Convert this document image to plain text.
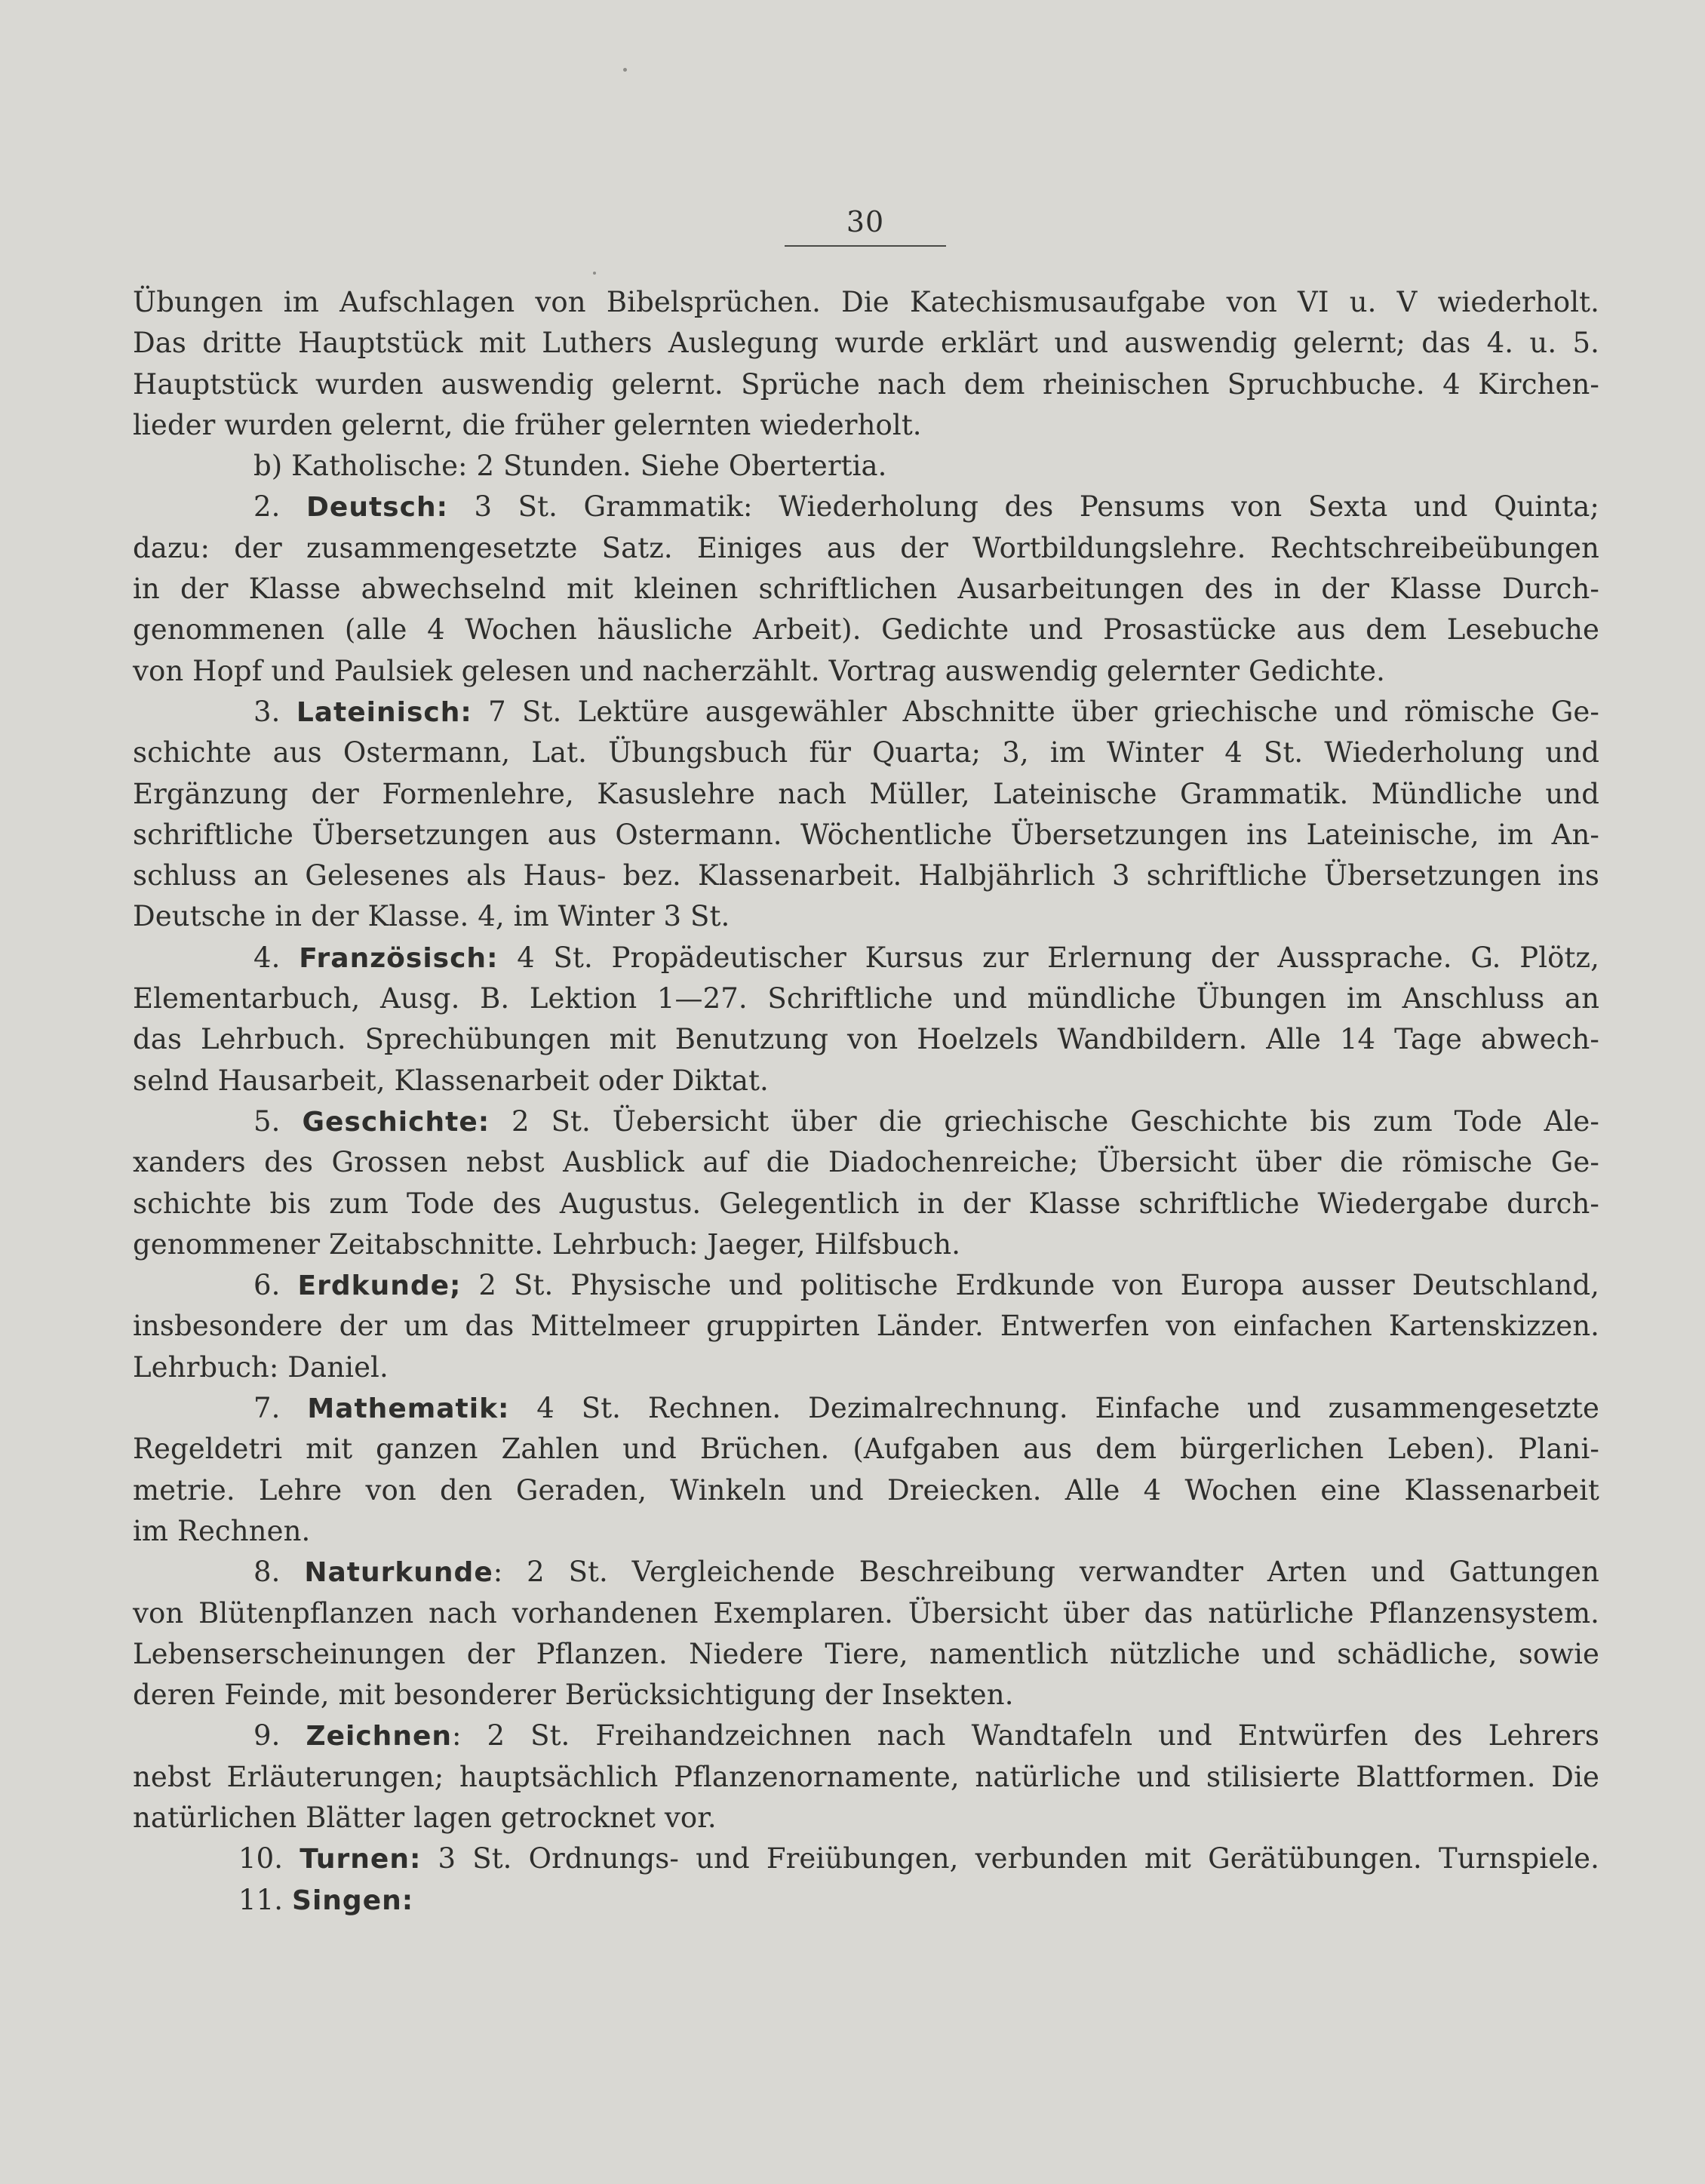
30
Übungen im Aufschlagen von Bibelsprüchen. Die Katechismusaufgabe von VI u. V wiederholt.
Das dritte Hauptstück mit Luthers Auslegung wurde erklärt und auswendig gelernt; das 4. u. 5.
Hauptstück wurden auswendig gelernt. Sprüche nach dem rheinischen Spruchbuche. 4 Kirchen-
lieder wurden gelernt, die früher gelernten wiederholt.
b) Katholische: 2 Stunden. Siehe Obertertia.
2. Deutsch: 3 St. Grammatik: Wiederholung des Pensums von Sexta und Quinta;
dazu: der zusammengesetzte Satz. Einiges aus der Wortbildungslehre. Rechtschreibeübungen
in der Klasse abwechselnd mit kleinen schriftlichen Ausarbeitungen des in der Klasse Durch-
genommenen (alle 4 Wochen häusliche Arbeit). Gedichte und Prosastücke aus dem Lesebuche
von Hopf und Paulsiek gelesen und nacherzählt. Vortrag auswendig gelernter Gedichte.
3. Lateinisch: 7 St. Lektüre ausgewähler Abschnitte über griechische und römische Ge-
schichte aus Ostermann, Lat. Übungsbuch für Quarta; 3, im Winter 4 St. Wiederholung und
Ergänzung der Formenlehre, Kasuslehre nach Müller, Lateinische Grammatik. Mündliche und
schriftliche Übersetzungen aus Ostermann. Wöchentliche Übersetzungen ins Lateinische, im An-
schluss an Gelesenes als Haus- bez. Klassenarbeit. Halbjährlich 3 schriftliche Übersetzungen ins
Deutsche in der Klasse. 4, im Winter 3 St.
4. Französisch: 4 St. Propädeutischer Kursus zur Erlernung der Aussprache. G. Plötz,
Elementarbuch, Ausg. B. Lektion 1—27. Schriftliche und mündliche Übungen im Anschluss an
das Lehrbuch. Sprechübungen mit Benutzung von Hoelzels Wandbildern. Alle 14 Tage abwech-
selnd Hausarbeit, Klassenarbeit oder Diktat.
5. Geschichte: 2 St. Üebersicht über die griechische Geschichte bis zum Tode Ale-
xanders des Grossen nebst Ausblick auf die Diadochenreiche; Übersicht über die römische Ge-
schichte bis zum Tode des Augustus. Gelegentlich in der Klasse schriftliche Wiedergabe durch-
genommener Zeitabschnitte. Lehrbuch: Jaeger, Hilfsbuch.
6. Erdkunde; 2 St. Physische und politische Erdkunde von Europa ausser Deutschland,
insbesondere der um das Mittelmeer gruppirten Länder. Entwerfen von einfachen Kartenskizzen.
Lehrbuch: Daniel.
7. Mathematik: 4 St. Rechnen. Dezimalrechnung. Einfache und zusammengesetzte
Regeldetri mit ganzen Zahlen und Brüchen. (Aufgaben aus dem bürgerlichen Leben). Plani-
metrie. Lehre von den Geraden, Winkeln und Dreiecken. Alle 4 Wochen eine Klassenarbeit
im Rechnen.
8. Naturkunde: 2 St. Vergleichende Beschreibung verwandter Arten und Gattungen
von Blütenpflanzen nach vorhandenen Exemplaren. Übersicht über das natürliche Pflanzensystem.
Lebenserscheinungen der Pflanzen. Niedere Tiere, namentlich nützliche und schädliche, sowie
deren Feinde, mit besonderer Berücksichtigung der Insekten.
9. Zeichnen: 2 St. Freihandzeichnen nach Wandtafeln und Entwürfen des Lehrers
nebst Erläuterungen; hauptsächlich Pflanzenornamente, natürliche und stilisierte Blattformen. Die
natürlichen Blätter lagen getrocknet vor.
10. Turnen: 3 St. Ordnungs- und Freiübungen, verbunden mit Gerätübungen. Turnspiele.
11. Singen:
